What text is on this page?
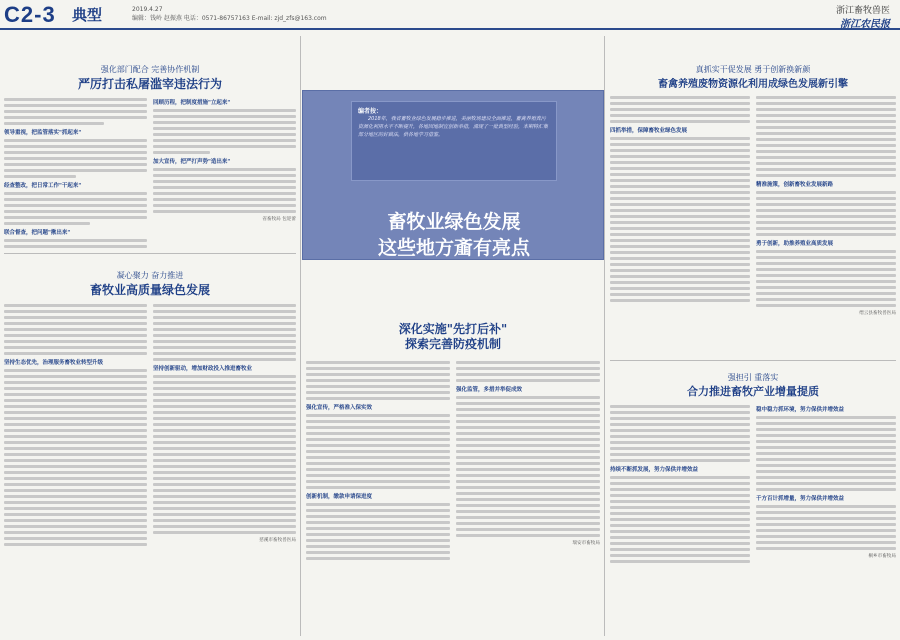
C2-3 典型	2019.4.27
编辑：钱岭 赵振燕 电话：0571-86757163 E-mail: zjd_zfs@163.com
浙江畜牧兽医
浙江农民报
强化部门配合 完善协作机制
严厉打击私屠滥宰违法行为
领导重视，把监管落实"抓起来"
经查整改，把日常工作"干起来"
联合督查，把问题"揪出来"
回顾历程，把制度措施"立起来"
加大宣传，把严打声势"造出来"
省畜牧局 包迎蕾
凝心聚力 奋力推进
畜牧业高质量绿色发展
坚持生态优先，治理服务畜牧业转型升级
坚持创新驱动，增加财政投入推进畜牧业
慈溪市畜牧兽医局
编者按：
2018年，我省畜牧业绿色发展稳步推进，美丽牧场建设全面推进，畜禽养殖粪污资源化利用水平不断提升，各地因地制宜创新举措，涌现了一批典型经验，本期特汇集部分地区的好做法，供各地学习借鉴。
畜牧业绿色发展
这些地方齑有亮点
深化实施"先打后补"
探索完善防疫机制
强化宣传，严格准入保实效
创新机制，缴款申请保进度
强化监管，多措并举促成效
瑞安市畜牧局
真抓实干促发展 勇于创新换新颜
畜禽养殖废物资源化利用成绿色发展新引擎
四抓举措，保障畜牧业绿色发展
精准施策，创新畜牧业发展新路
勇于创新，助推养殖业高质发展
缙云县畜牧兽医局
强担引 重落实
合力推进畜牧产业增量提质
持续不断抓发展，努力保供并增效益
稳中稳力抓环境，努力保供并增效益
千方百计抓增量，努力保供并增效益
桐乡市畜牧局
